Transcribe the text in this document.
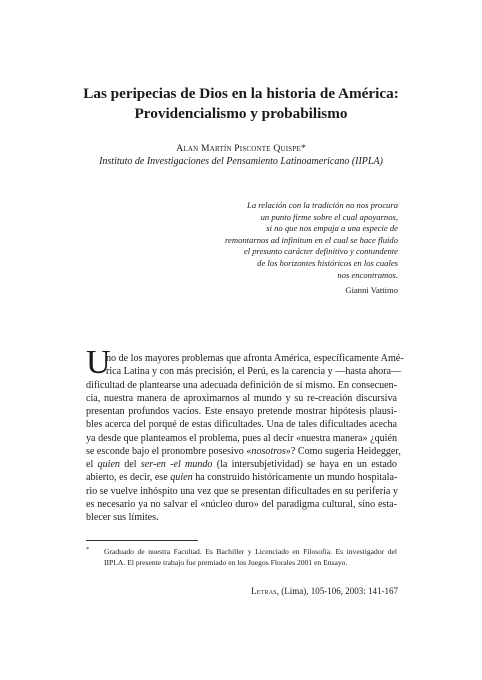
Las peripecias de Dios en la historia de América:
Providencialismo y probabilismo
Alan Martín Pisconte Quispe*
Instituto de Investigaciones del Pensamiento Latinoamericano (IIPLA)
La relación con la tradición no nos procura
un punto firme sobre el cual apoyarnos,
si no que nos empuja a una especie de
remontarnos ad infinitum en el cual se hace fluido
el presunto carácter definitivo y contundente
de los horizontes históricos en los cuales
nos encontramos.
Gianni Vattimo
U
no de los mayores problemas que afronta América, específicamente Amé-
rica Latina y con más precisión, el Perú, es la carencia y —hasta ahora—
dificultad de plantearse una adecuada definición de sí mismo. En consecuen-
cia, nuestra manera de aproximarnos al mundo y su re-creación discursiva
presentan profundos vacíos. Este ensayo pretende mostrar hipótesis plausi-
bles acerca del porqué de estas dificultades. Una de tales dificultades acecha
ya desde que planteamos el problema, pues al decir «nuestra manera» ¿quién
se esconde bajo el pronombre posesivo «nosotros»? Como sugería Heidegger,
el quien del ser-en -el mundo (la intersubjetividad) se haya en un estado
abierto, es decir, ese quien ha construido históricamente un mundo hospitala-
rio se vuelve inhóspito una vez que se presentan dificultades en su periferia y
es necesario ya no salvar el «núcleo duro» del paradigma cultural, sino esta-
blecer sus límites.
* Graduado de nuestra Facultad. Es Bachiller y Licenciado en Filosofía. Es investigador del
IIPLA. El presente trabajo fue premiado en los Juegos Florales 2001 en Ensayo.
Letras, (Lima), 105-106, 2003: 141-167
